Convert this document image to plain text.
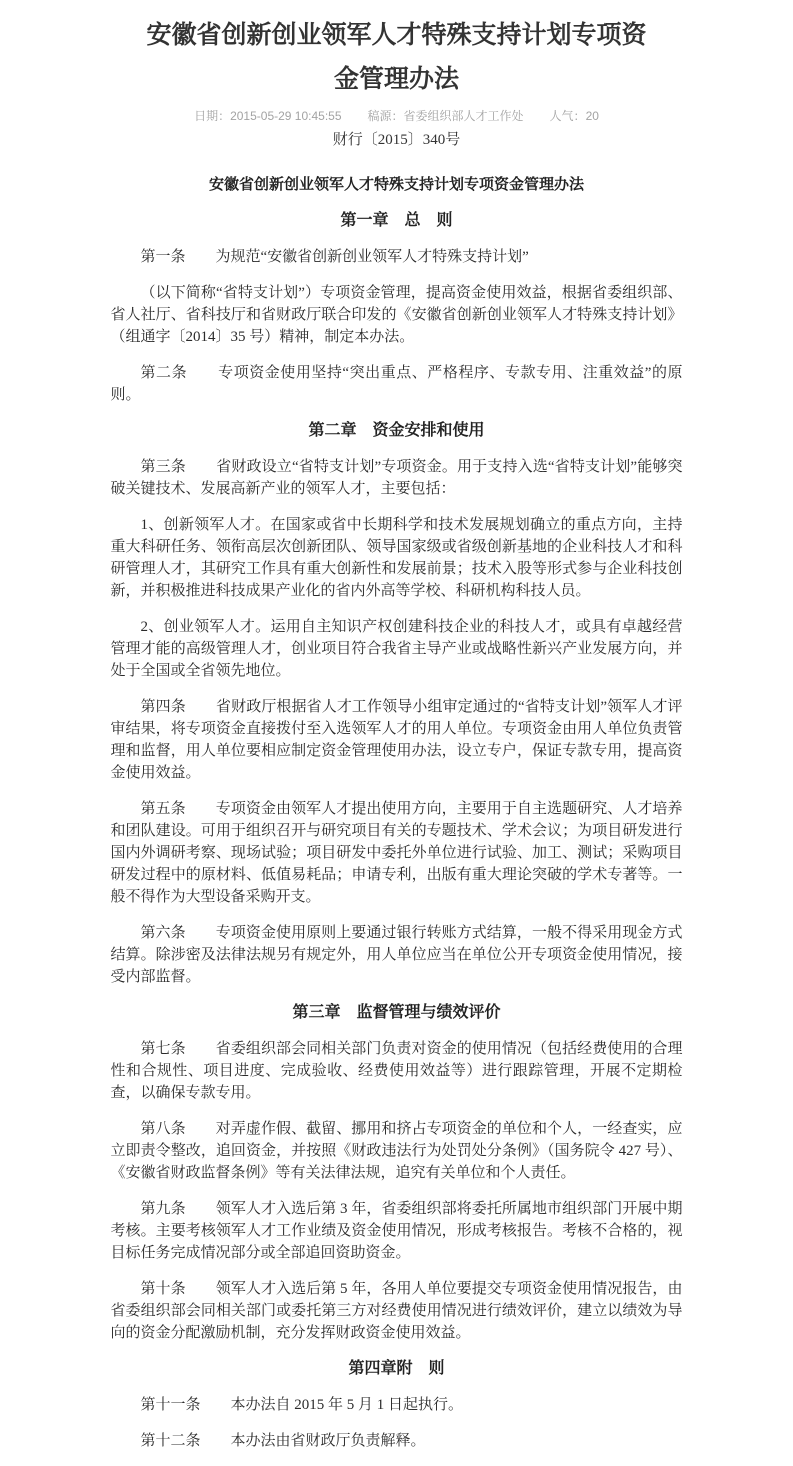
安徽省创新创业领军人才特殊支持计划专项资金管理办法
日期：2015-05-29 10:45:55 稿源：省委组织部人才工作处 人气：20
财行〔2015〕340号
安徽省创新创业领军人才特殊支持计划专项资金管理办法
第一章　总　则

第一条　　为规范“安徽省创新创业领军人才特殊支持计划”

（以下简称“省特支计划”）专项资金管理，提高资金使用效益，根据省委组织部、省人社厅、省科技厅和省财政厅联合印发的《安徽省创新创业领军人才特殊支持计划》（组通字〔2014〕35 号）精神，制定本办法。

第二条　　专项资金使用坚持“突出重点、严格程序、专款专用、注重效益”的原则。

第二章　资金安排和使用

第三条　　省财政设立“省特支计划”专项资金。用于支持入选“省特支计划”能够突破关键技术、发展高新产业的领军人才，主要包括：

1、创新领军人才。在国家或省中长期科学和技术发展规划确立的重点方向，主持重大科研任务、领衔高层次创新团队、领导国家级或省级创新基地的企业科技人才和科研管理人才，其研究工作具有重大创新性和发展前景；技术入股等形式参与企业科技创新，并积极推进科技成果产业化的省内外高等学校、科研机构科技人员。

2、创业领军人才。运用自主知识产权创建科技企业的科技人才，或具有卓越经营管理才能的高级管理人才，创业项目符合我省主导产业或战略性新兴产业发展方向，并处于全国或全省领先地位。

第四条　　省财政厅根据省人才工作领导小组审定通过的“省特支计划”领军人才评审结果，将专项资金直接拨付至入选领军人才的用人单位。专项资金由用人单位负责管理和监督，用人单位要相应制定资金管理使用办法，设立专户，保证专款专用，提高资金使用效益。

第五条　　专项资金由领军人才提出使用方向，主要用于自主选题研究、人才培养和团队建设。可用于组织召开与研究项目有关的专题技术、学术会议；为项目研发进行国内外调研考察、现场试验；项目研发中委托外单位进行试验、加工、测试；采购项目研发过程中的原材料、低值易耗品；申请专利，出版有重大理论突破的学术专著等。一般不得作为大型设备采购开支。

第六条　　专项资金使用原则上要通过银行转账方式结算，一般不得采用现金方式结算。除涉密及法律法规另有规定外，用人单位应当在单位公开专项资金使用情况，接受内部监督。

第三章　监督管理与绩效评价

第七条　　省委组织部会同相关部门负责对资金的使用情况（包括经费使用的合理性和合规性、项目进度、完成验收、经费使用效益等）进行跟踪管理，开展不定期检查，以确保专款专用。

第八条　　对弄虚作假、截留、挪用和挤占专项资金的单位和个人，一经查实，应立即责令整改，追回资金，并按照《财政违法行为处罚处分条例》（国务院令 427 号）、《安徽省财政监督条例》等有关法律法规，追究有关单位和个人责任。

第九条　　领军人才入选后第 3 年，省委组织部将委托所属地市组织部门开展中期考核。主要考核领军人才工作业绩及资金使用情况，形成考核报告。考核不合格的，视目标任务完成情况部分或全部追回资助资金。

第十条　　领军人才入选后第 5 年，各用人单位要提交专项资金使用情况报告，由省委组织部会同相关部门或委托第三方对经费使用情况进行绩效评价，建立以绩效为导向的资金分配激励机制，充分发挥财政资金使用效益。

第四章附　则

第十一条　　本办法自 2015 年 5 月 1 日起执行。

第十二条　　本办法由省财政厅负责解释。
